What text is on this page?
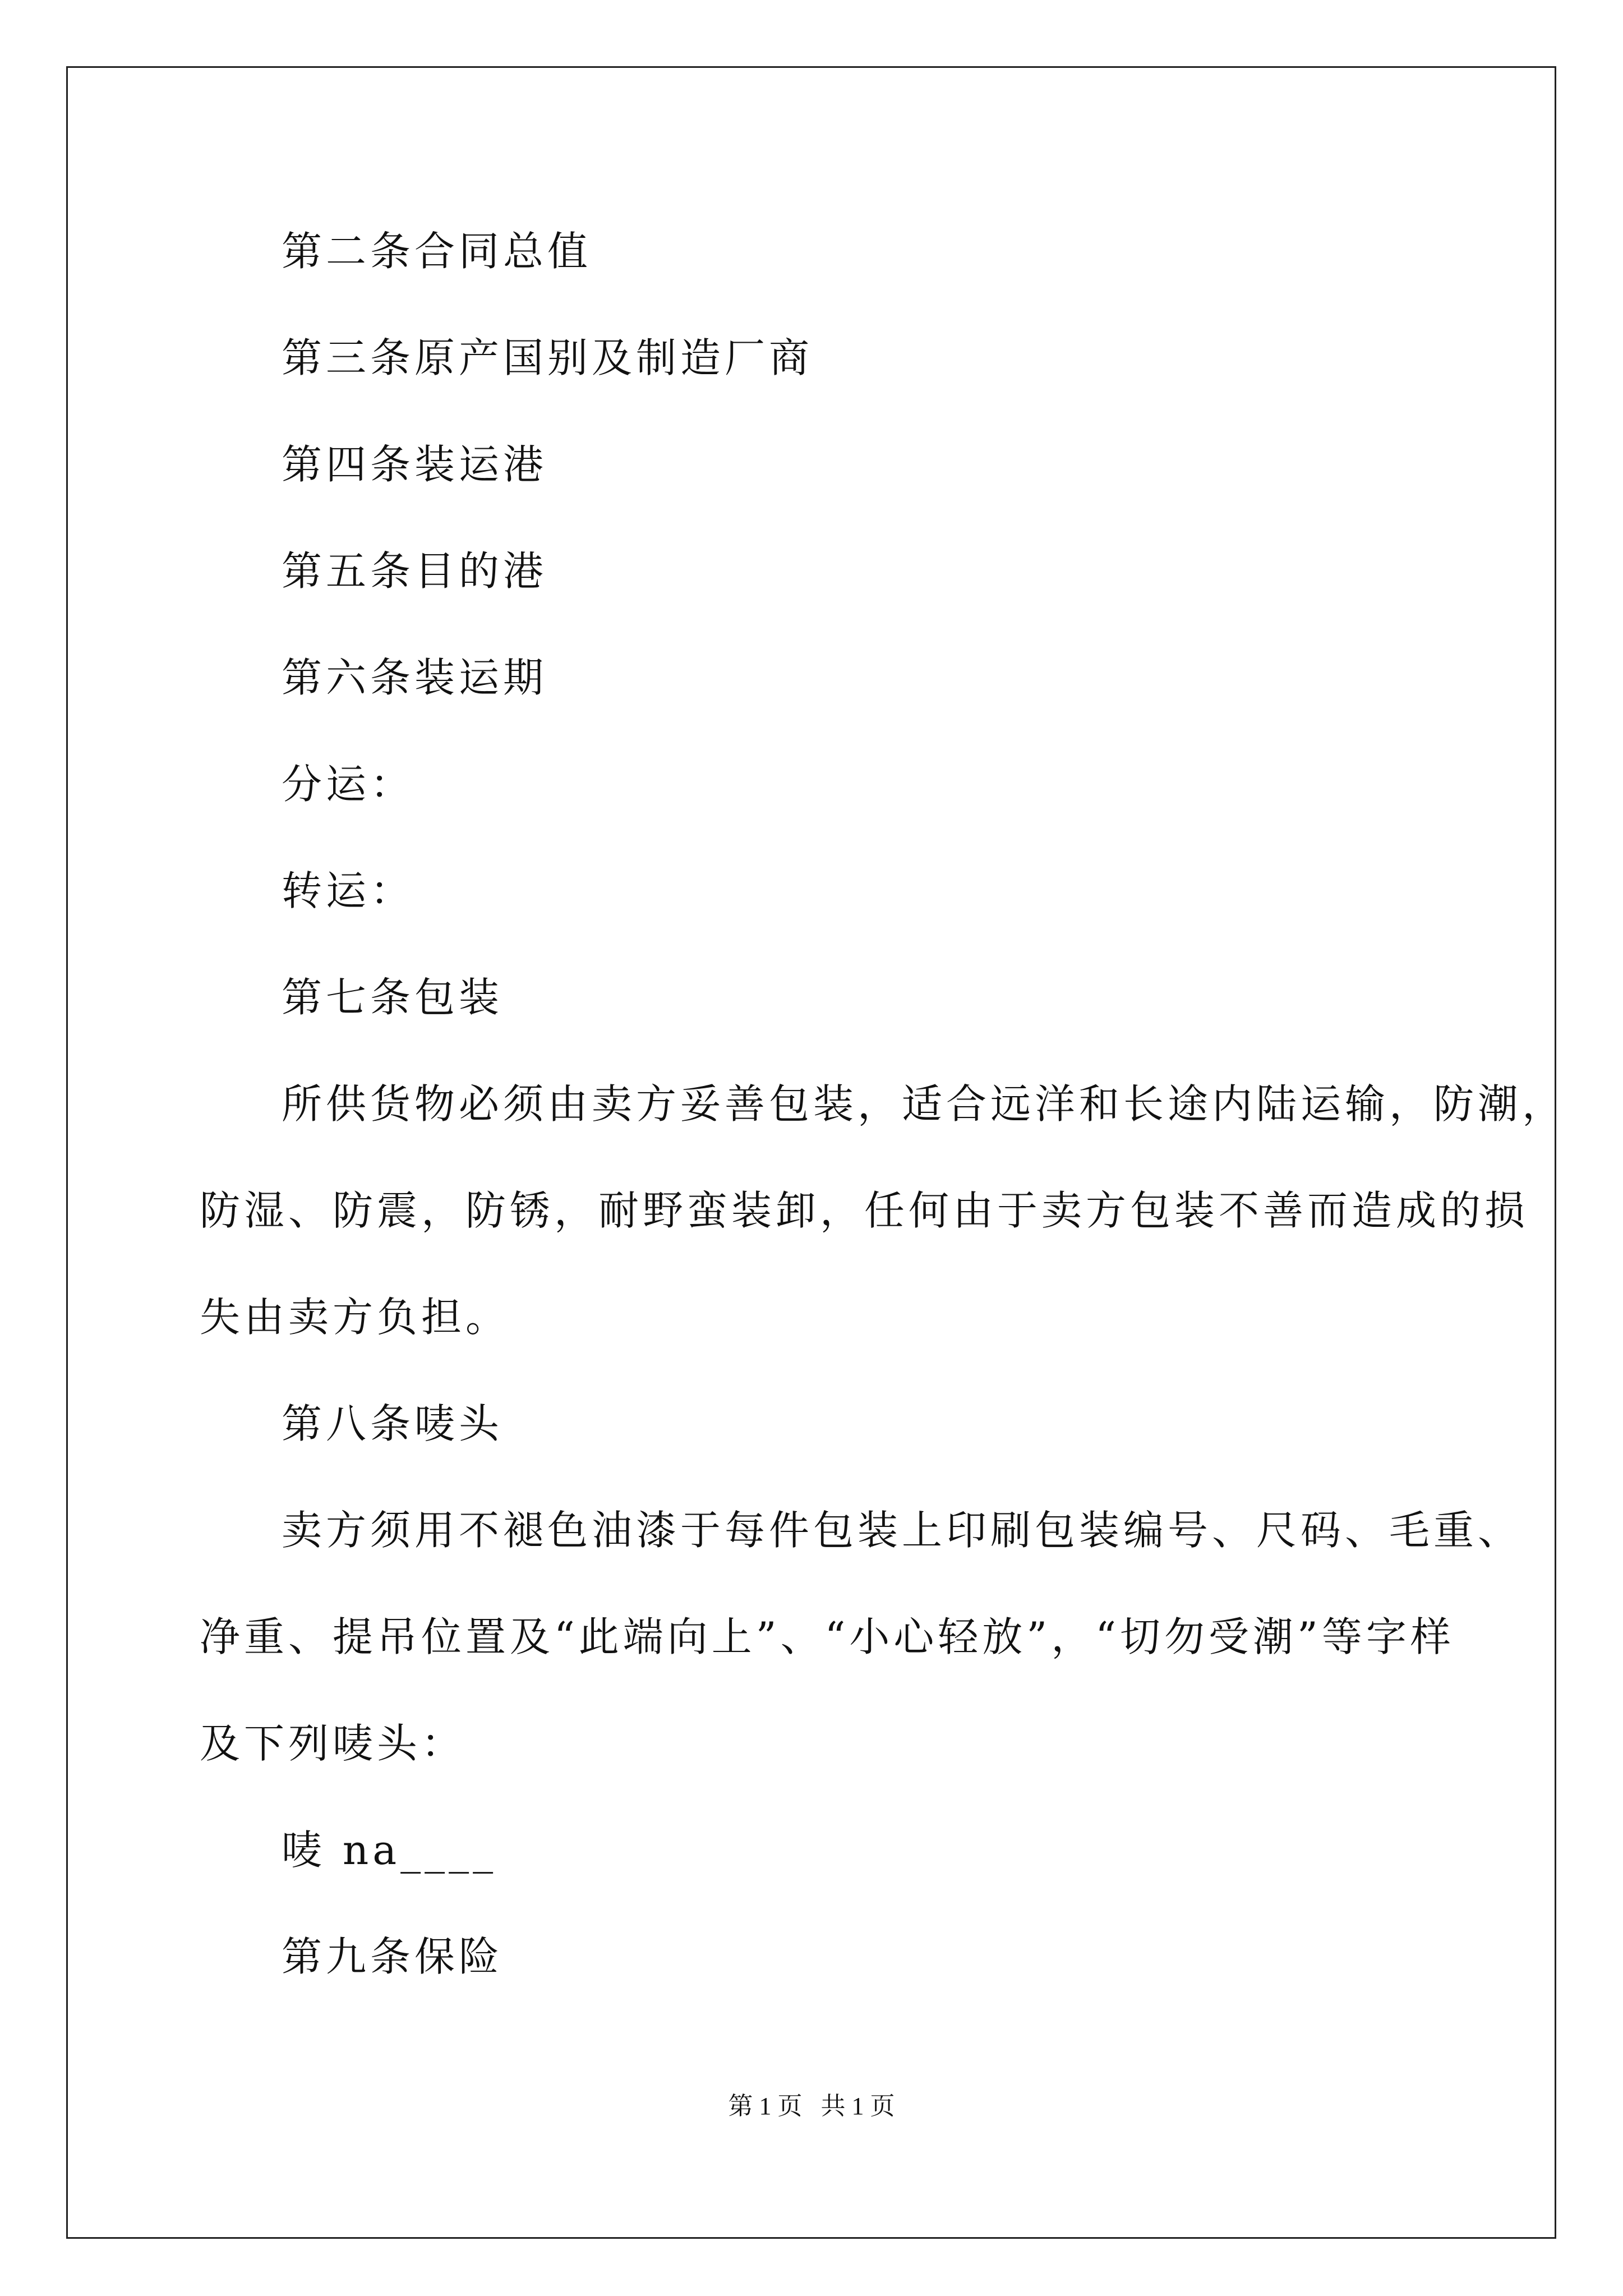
第二条合同总值
第三条原产国别及制造厂商
第四条装运港
第五条目的港
第六条装运期
分运：
转运：
第七条包装
所供货物必须由卖方妥善包装，适合远洋和长途内陆运输，防潮，
防湿、防震，防锈，耐野蛮装卸，任何由于卖方包装不善而造成的损
失由卖方负担。
第八条唛头
卖方须用不褪色油漆于每件包装上印刷包装编号、尺码、毛重、
净重、提吊位置及“此端向上”、“小心轻放”，“切勿受潮”等字样
及下列唛头：
唛 na____
第九条保险
第 1 页   共 1 页
